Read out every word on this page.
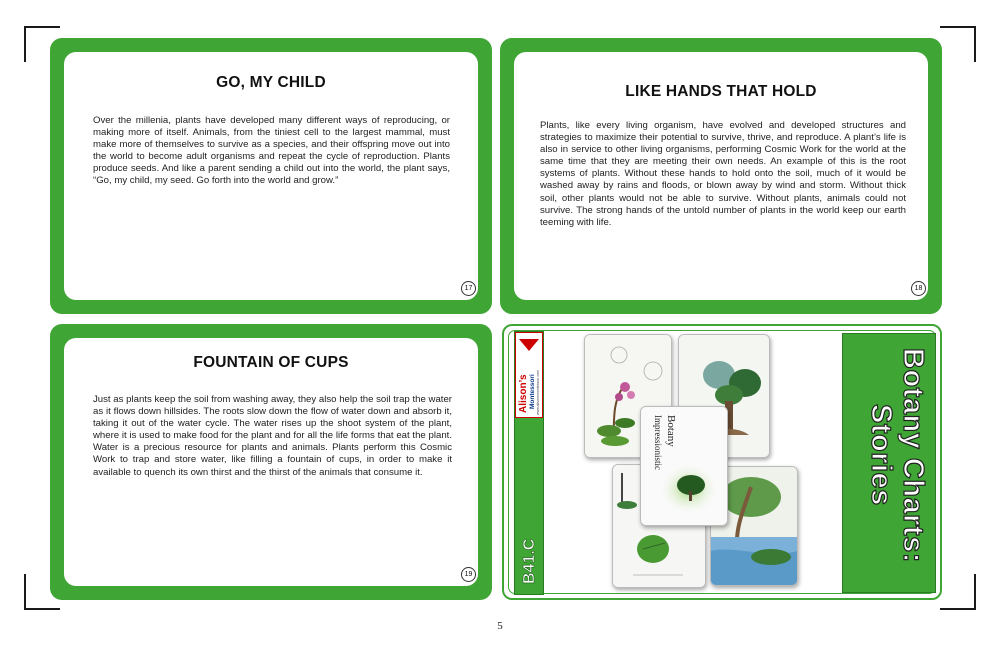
GO, MY CHILD

Over the millenia, plants have developed many different ways of reproducing, or making more of itself. Animals, from the tiniest cell to the largest mammal, must make more of themselves to survive as a species, and their offspring move out into the world to become adult organisms and repeat the cycle of reproduction. Plants produce seeds. And like a parent sending a child out into the world, the plant says, “Go, my child, my seed. Go forth into the world and grow.”

17
LIKE HANDS THAT HOLD

Plants, like every living organism, have evolved and developed structures and strategies to maximize their potential to survive, thrive, and reproduce. A plant’s life is also in service to other living organisms, performing Cosmic Work for the world at the same time that they are meeting their own needs. An example of this is the root systems of plants. Without these hands to hold onto the soil, much of it would be washed away by rains and floods, or blown away by wind and storm. Without thick soil, other plants would not be able to survive. Without plants, animals could not survive. The strong hands of the untold number of plants in the world keep our earth teeming with life.

18
FOUNTAIN OF CUPS

Just as plants keep the soil from washing away, they also help the soil trap the water as it flows down hillsides. The roots slow down the flow of water down and absorb it, taking it out of the water cycle. The water rises up the shoot system of the plant, where it is used to make food for the plant and for all the life forms that eat the plant. Water is a precious resource for plants and animals. Plants perform this Cosmic Work to trap and store water, like filling a fountain of cups, in order to make it available to quench its own thirst and the thirst of the animals that consume it.

19	B41.C
Alison’s Montessori www.alisonsmontessori.com
Botany
Impressionistic	Botany Charts:
Stories
5
